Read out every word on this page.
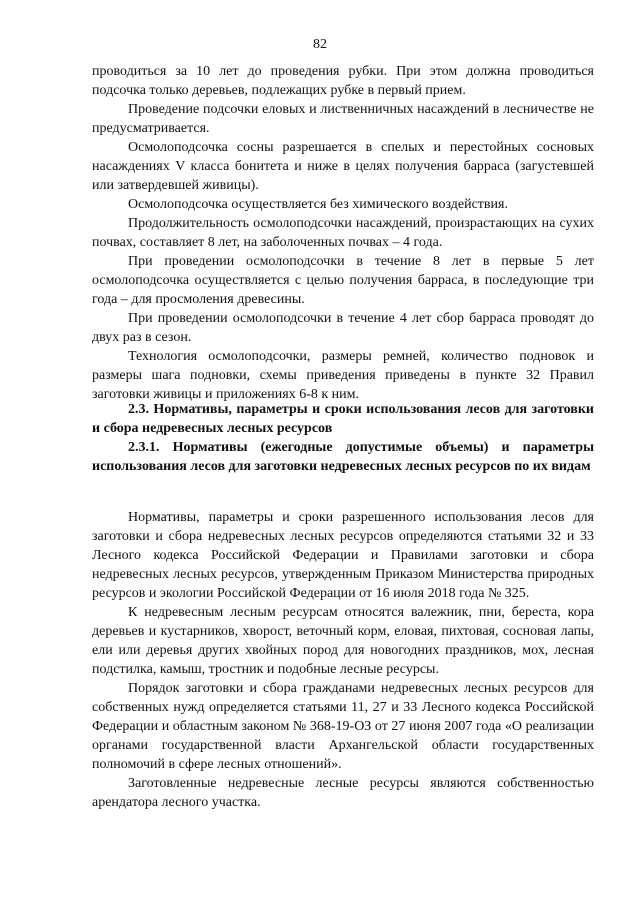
82

проводиться за 10 лет до проведения рубки. При этом должна проводиться подсочка только деревьев, подлежащих рубке в первый прием.

Проведение подсочки еловых и лиственничных насаждений в лесничестве не предусматривается.

Осмолоподсочка сосны разрешается в спелых и перестойных сосновых насаждениях V класса бонитета и ниже в целях получения барраса (загустевшей или затвердевшей живицы).

Осмолоподсочка осуществляется без химического воздействия.

Продолжительность осмолоподсочки насаждений, произрастающих на сухих почвах, составляет 8 лет, на заболоченных почвах – 4 года.

При проведении осмолоподсочки в течение 8 лет в первые 5 лет осмолоподсочка осуществляется с целью получения барраса, в последующие три года – для просмоления древесины.

При проведении осмолоподсочки в течение 4 лет сбор барраса проводят до двух раз в сезон.

Технология осмолоподсочки, размеры ремней, количество подновок и размеры шага подновки, схемы приведения приведены в пункте 32 Правил заготовки живицы и приложениях 6-8 к ним.

2.3. Нормативы, параметры и сроки использования лесов для заготовки и сбора недревесных лесных ресурсов
2.3.1. Нормативы (ежегодные допустимые объемы) и параметры использования лесов для заготовки недревесных лесных ресурсов по их видам

Нормативы, параметры и сроки разрешенного использования лесов для заготовки и сбора недревесных лесных ресурсов определяются статьями 32 и 33 Лесного кодекса Российской Федерации и Правилами заготовки и сбора недревесных лесных ресурсов, утвержденным Приказом Министерства природных ресурсов и экологии Российской Федерации от 16 июля 2018 года № 325.

К недревесным лесным ресурсам относятся валежник, пни, береста, кора деревьев и кустарников, хворост, веточный корм, еловая, пихтовая, сосновая лапы, ели или деревья других хвойных пород для новогодних праздников, мох, лесная подстилка, камыш, тростник и подобные лесные ресурсы.

Порядок заготовки и сбора гражданами недревесных лесных ресурсов для собственных нужд определяется статьями 11, 27 и 33 Лесного кодекса Российской Федерации и областным законом № 368-19-ОЗ от 27 июня 2007 года «О реализации органами государственной власти Архангельской области государственных полномочий в сфере лесных отношений».

Заготовленные недревесные лесные ресурсы являются собственностью арендатора лесного участка.
